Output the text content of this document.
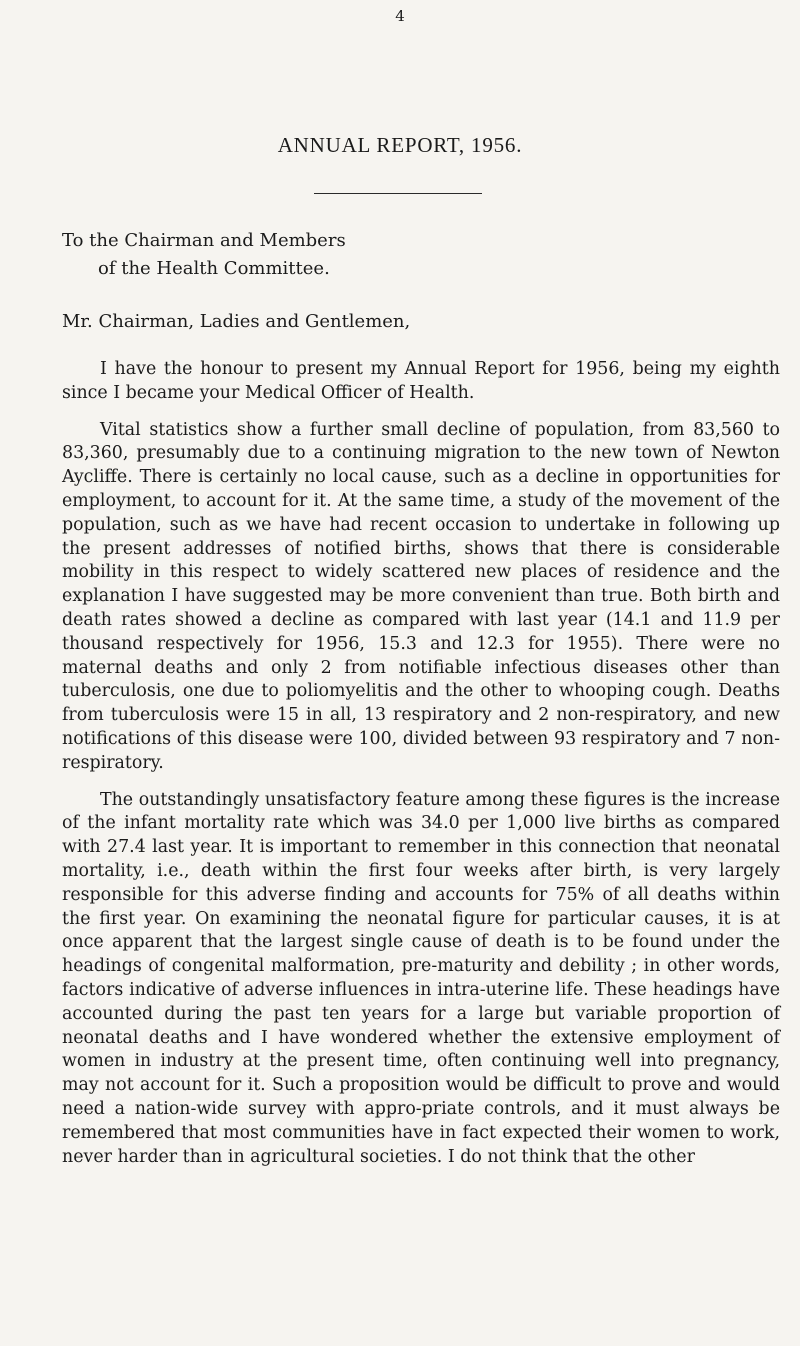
4
ANNUAL REPORT, 1956.
To the Chairman and Members
of the Health Committee.
Mr. Chairman, Ladies and Gentlemen,

I have the honour to present my Annual Report for 1956, being my eighth since I became your Medical Officer of Health.

Vital statistics show a further small decline of population, from 83,560 to 83,360, presumably due to a continuing migration to the new town of Newton Aycliffe. There is certainly no local cause, such as a decline in opportunities for employment, to account for it. At the same time, a study of the movement of the population, such as we have had recent occasion to undertake in following up the present addresses of notified births, shows that there is considerable mobility in this respect to widely scattered new places of residence and the explanation I have suggested may be more convenient than true. Both birth and death rates showed a decline as compared with last year (14.1 and 11.9 per thousand respectively for 1956, 15.3 and 12.3 for 1955). There were no maternal deaths and only 2 from notifiable infectious diseases other than tuberculosis, one due to poliomyelitis and the other to whooping cough. Deaths from tuberculosis were 15 in all, 13 respiratory and 2 non-respiratory, and new notifications of this disease were 100, divided between 93 respiratory and 7 non-respiratory.

The outstandingly unsatisfactory feature among these figures is the increase of the infant mortality rate which was 34.0 per 1,000 live births as compared with 27.4 last year. It is important to remember in this connection that neonatal mortality, i.e., death within the first four weeks after birth, is very largely responsible for this adverse finding and accounts for 75% of all deaths within the first year. On examining the neonatal figure for particular causes, it is at once apparent that the largest single cause of death is to be found under the headings of congenital malformation, pre-maturity and debility ; in other words, factors indicative of adverse influences in intra-uterine life. These headings have accounted during the past ten years for a large but variable proportion of neonatal deaths and I have wondered whether the extensive employment of women in industry at the present time, often continuing well into pregnancy, may not account for it. Such a proposition would be difficult to prove and would need a nation-wide survey with appro-priate controls, and it must always be remembered that most communities have in fact expected their women to work, never harder than in agricultural societies. I do not think that the other
